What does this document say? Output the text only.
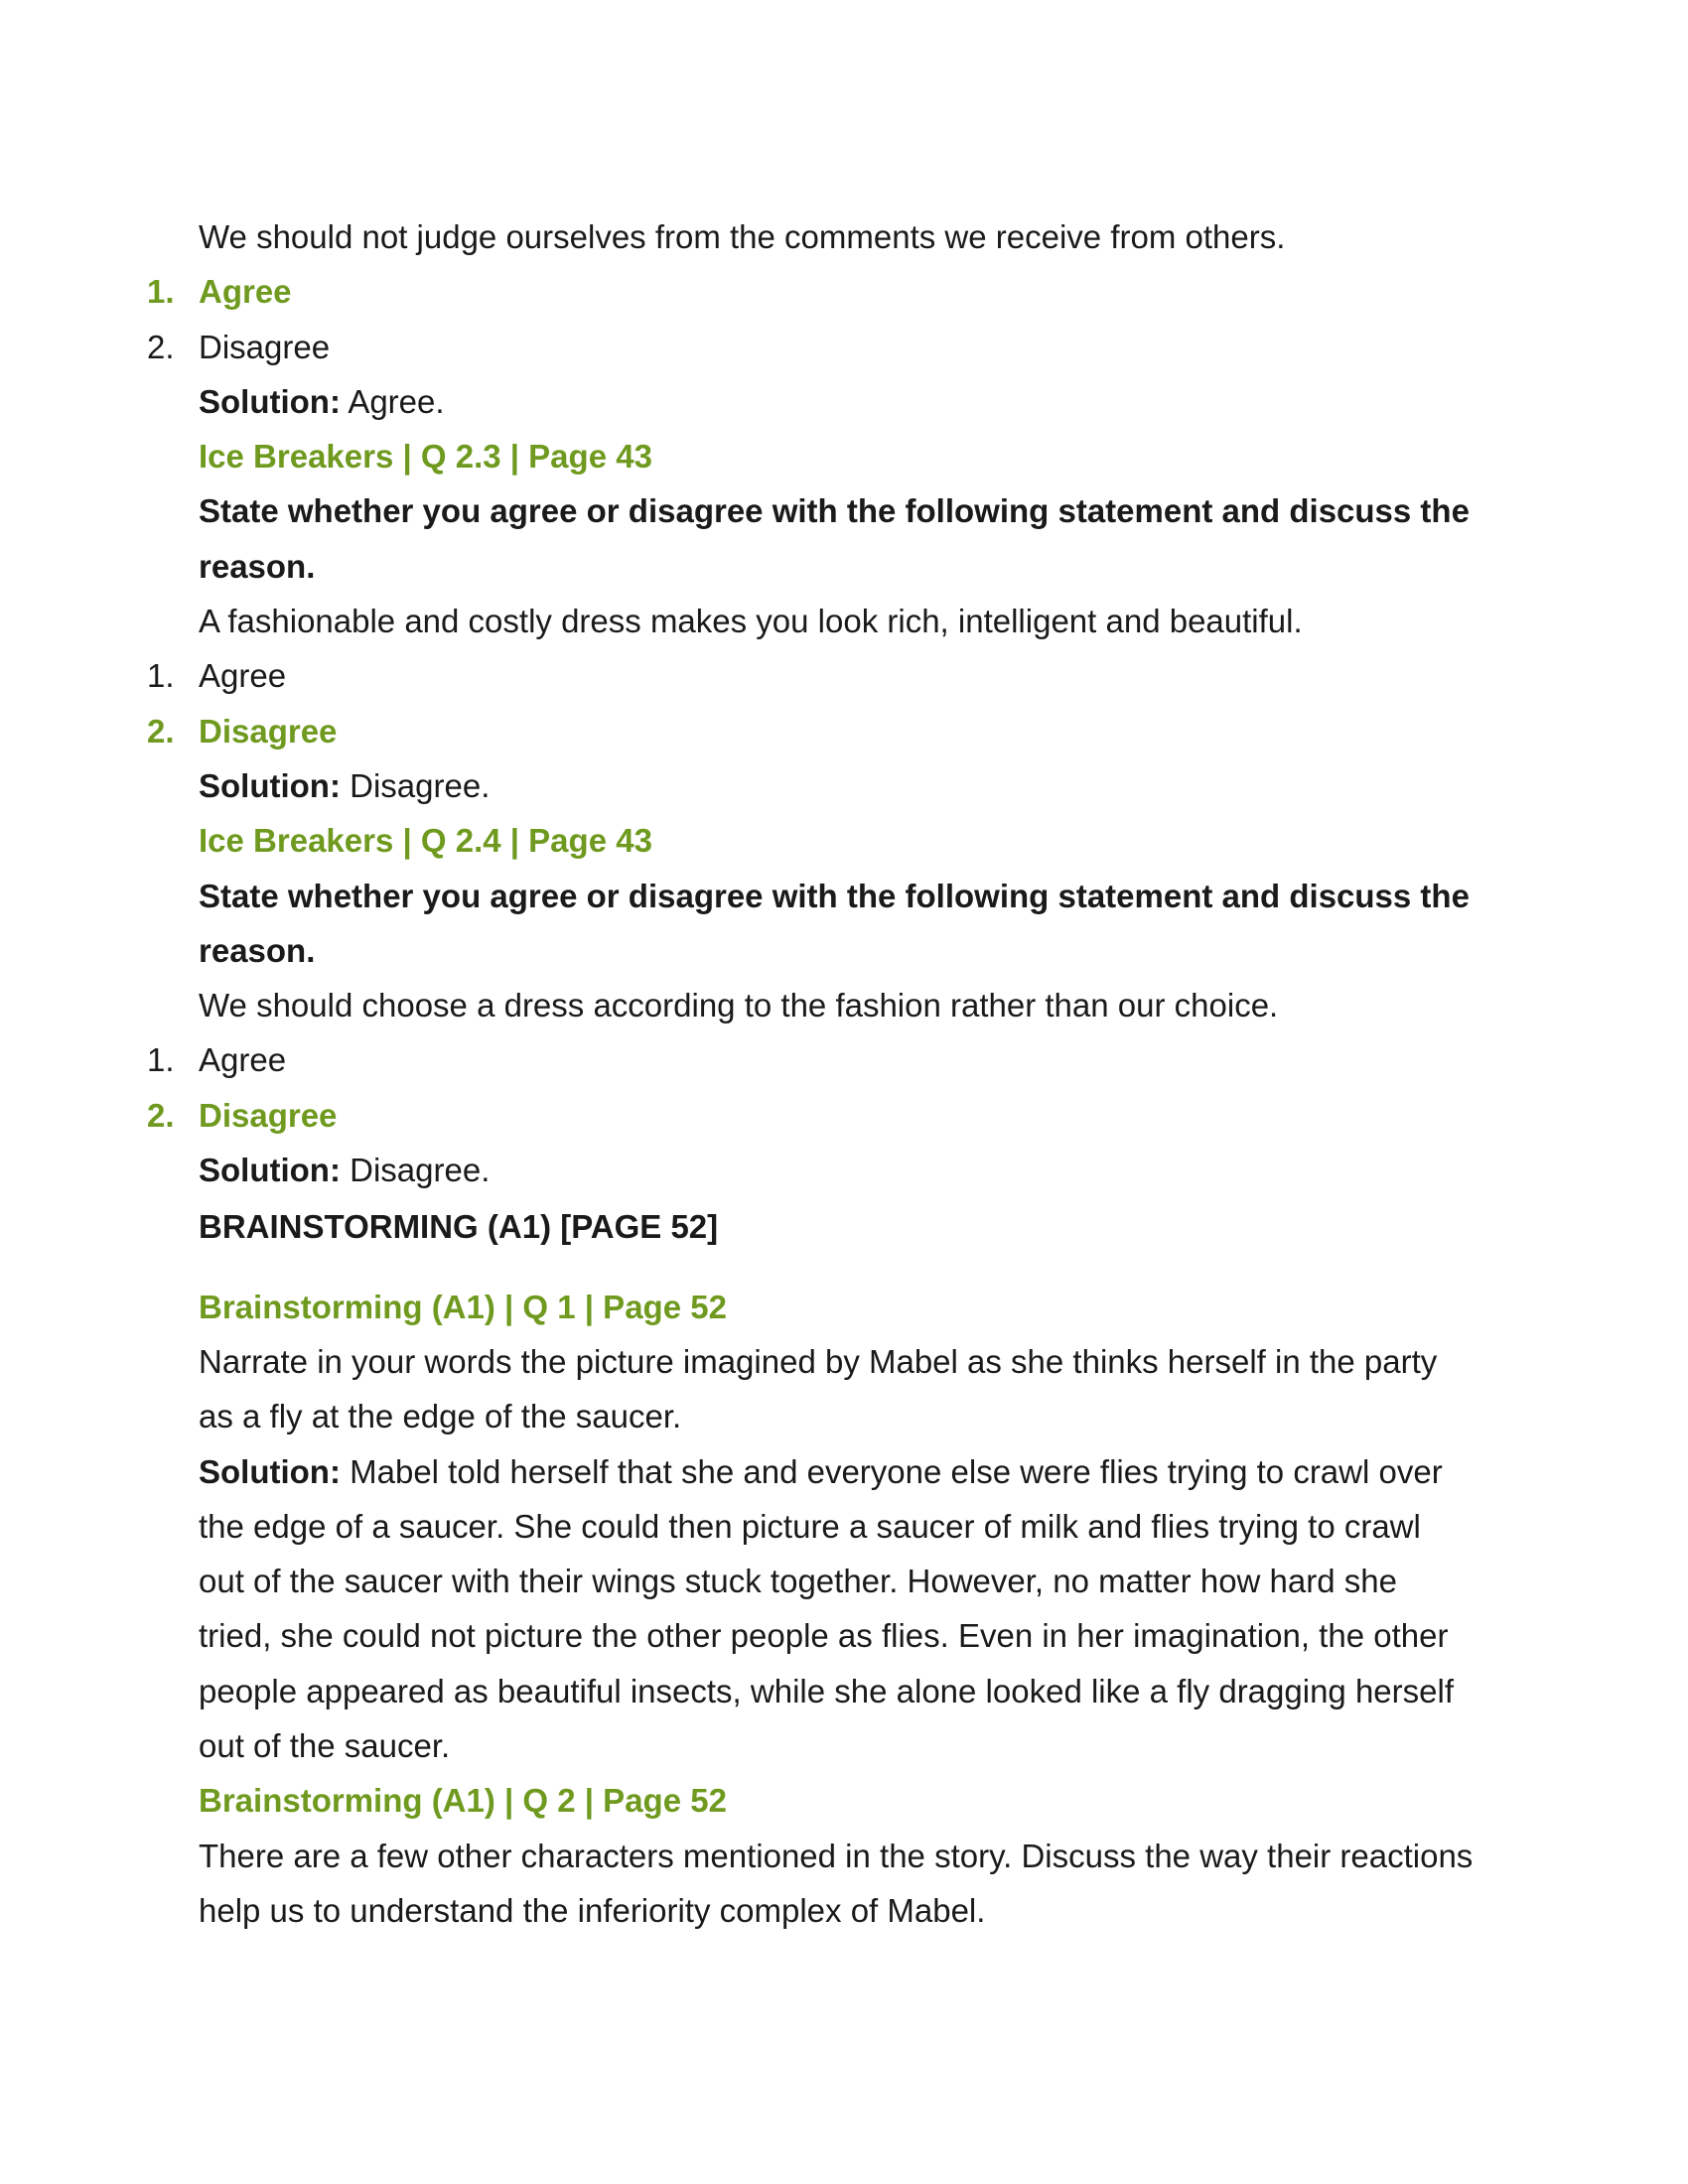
We should not judge ourselves from the comments we receive from others.
1. Agree
2. Disagree
Solution: Agree.
Ice Breakers | Q 2.3 | Page 43
State whether you agree or disagree with the following statement and discuss the
reason.
A fashionable and costly dress makes you look rich, intelligent and beautiful.
1. Agree
2. Disagree
Solution: Disagree.
Ice Breakers | Q 2.4 | Page 43
State whether you agree or disagree with the following statement and discuss the
reason.
We should choose a dress according to the fashion rather than our choice.
1. Agree
2. Disagree
Solution: Disagree.
BRAINSTORMING (A1) [PAGE 52]
Brainstorming (A1) | Q 1 | Page 52
Narrate in your words the picture imagined by Mabel as she thinks herself in the party
as a fly at the edge of the saucer.
Solution: Mabel told herself that she and everyone else were flies trying to crawl over
the edge of a saucer. She could then picture a saucer of milk and flies trying to crawl
out of the saucer with their wings stuck together. However, no matter how hard she
tried, she could not picture the other people as flies. Even in her imagination, the other
people appeared as beautiful insects, while she alone looked like a fly dragging herself
out of the saucer.
Brainstorming (A1) | Q 2 | Page 52
There are a few other characters mentioned in the story. Discuss the way their reactions
help us to understand the inferiority complex of Mabel.
